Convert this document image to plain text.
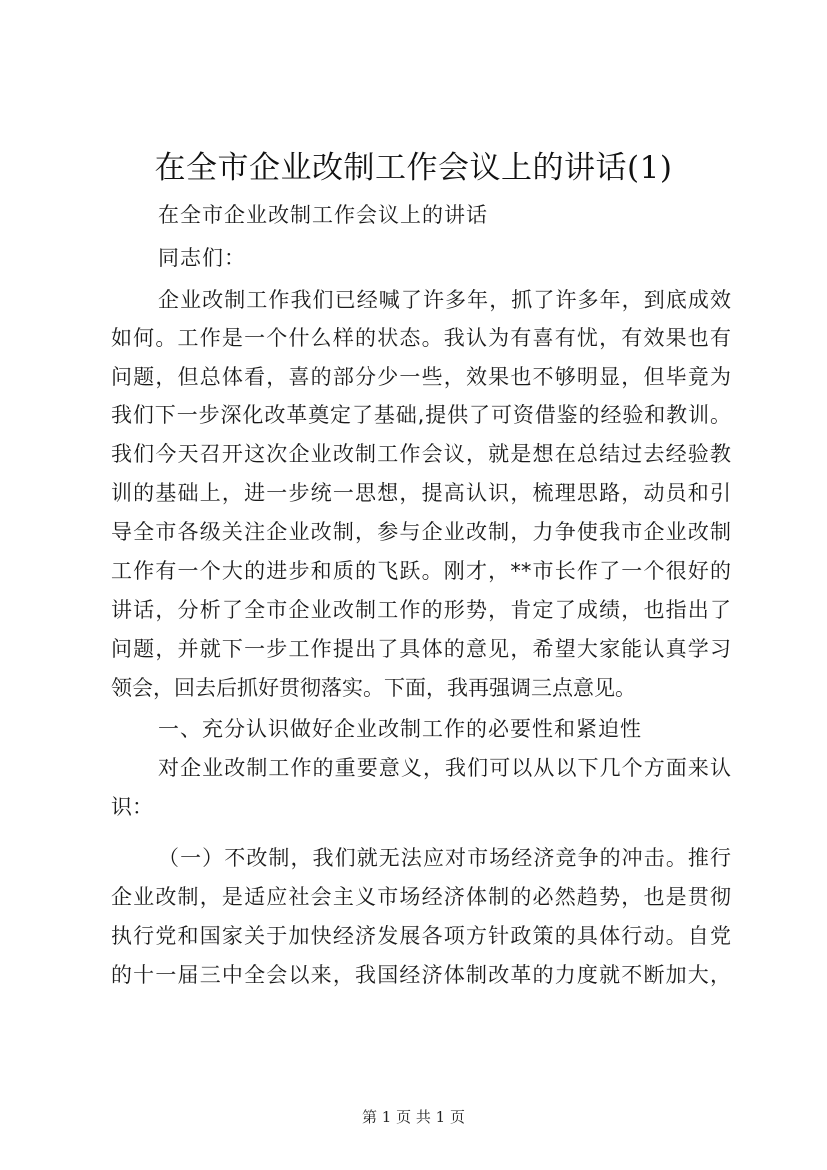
在全市企业改制工作会议上的讲话(1)
在全市企业改制工作会议上的讲话
同志们：
企业改制工作我们已经喊了许多年，抓了许多年，到底成效
如何。工作是一个什么样的状态。我认为有喜有忧，有效果也有
问题，但总体看，喜的部分少一些，效果也不够明显，但毕竟为
我们下一步深化改革奠定了基础,提供了可资借鉴的经验和教训。
我们今天召开这次企业改制工作会议，就是想在总结过去经验教
训的基础上，进一步统一思想，提高认识，梳理思路，动员和引
导全市各级关注企业改制，参与企业改制，力争使我市企业改制
工作有一个大的进步和质的飞跃。刚才，**市长作了一个很好的
讲话，分析了全市企业改制工作的形势，肯定了成绩，也指出了
问题，并就下一步工作提出了具体的意见，希望大家能认真学习
领会，回去后抓好贯彻落实。下面，我再强调三点意见。
一、充分认识做好企业改制工作的必要性和紧迫性
对企业改制工作的重要意义，我们可以从以下几个方面来认
识：
（一）不改制，我们就无法应对市场经济竞争的冲击。推行
企业改制，是适应社会主义市场经济体制的必然趋势，也是贯彻
执行党和国家关于加快经济发展各项方针政策的具体行动。自党
的十一届三中全会以来，我国经济体制改革的力度就不断加大，
第 1 页 共 1 页
